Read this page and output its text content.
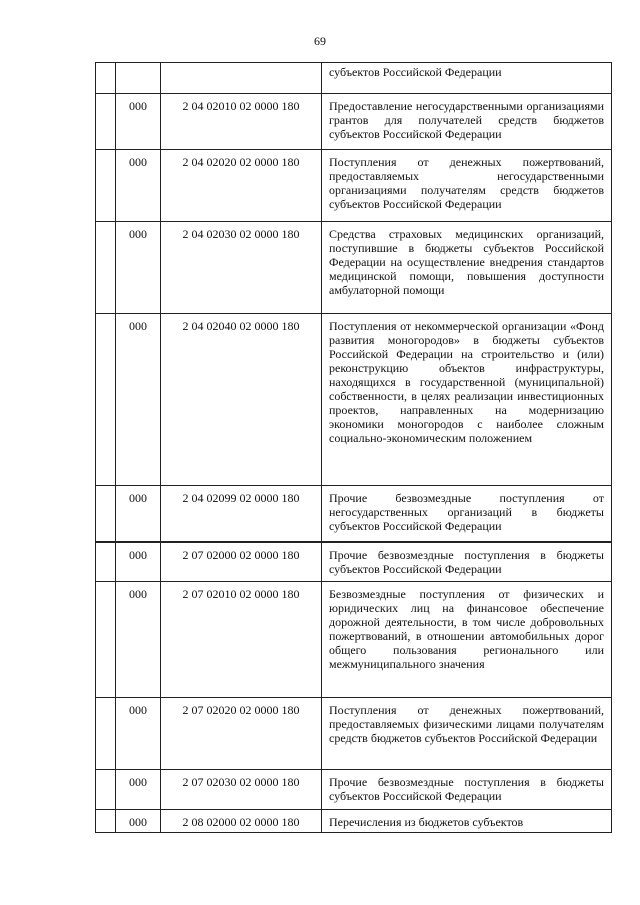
69
			субъектов Российской Федерации
	000	2 04 02010 02 0000 180	Предоставление негосударственными организациями грантов для получателей средств бюджетов субъектов Российской Федерации
	000	2 04 02020 02 0000 180	Поступления от денежных пожертвований, предоставляемых негосударственными организациями получателям средств бюджетов субъектов Российской Федерации
	000	2 04 02030 02 0000 180	Средства страховых медицинских организаций, поступившие в бюджеты субъектов Российской Федерации на осуществление внедрения стандартов медицинской помощи, повышения доступности амбулаторной помощи
	000	2 04 02040 02 0000 180	Поступления от некоммерческой организации «Фонд развития моногородов» в бюджеты субъектов Российской Федерации на строительство и (или) реконструкцию объектов инфраструктуры, находящихся в государственной (муниципальной) собственности, в целях реализации инвестиционных проектов, направленных на модернизацию экономики моногородов с наиболее сложным социально-экономическим положением
	000	2 04 02099 02 0000 180	Прочие безвозмездные поступления от негосударственных организаций в бюджеты субъектов Российской Федерации
	000	2 07 02000 02 0000 180	Прочие безвозмездные поступления в бюджеты субъектов Российской Федерации
	000	2 07 02010 02 0000 180	Безвозмездные поступления от физических и юридических лиц на финансовое обеспечение дорожной деятельности, в том числе добровольных пожертвований, в отношении автомобильных дорог общего пользования регионального или межмуниципального значения
	000	2 07 02020 02 0000 180	Поступления от денежных пожертвований, предоставляемых физическими лицами получателям средств бюджетов субъектов Российской Федерации
	000	2 07 02030 02 0000 180	Прочие безвозмездные поступления в бюджеты субъектов Российской Федерации
	000	2 08 02000 02 0000 180	Перечисления из бюджетов субъектов
